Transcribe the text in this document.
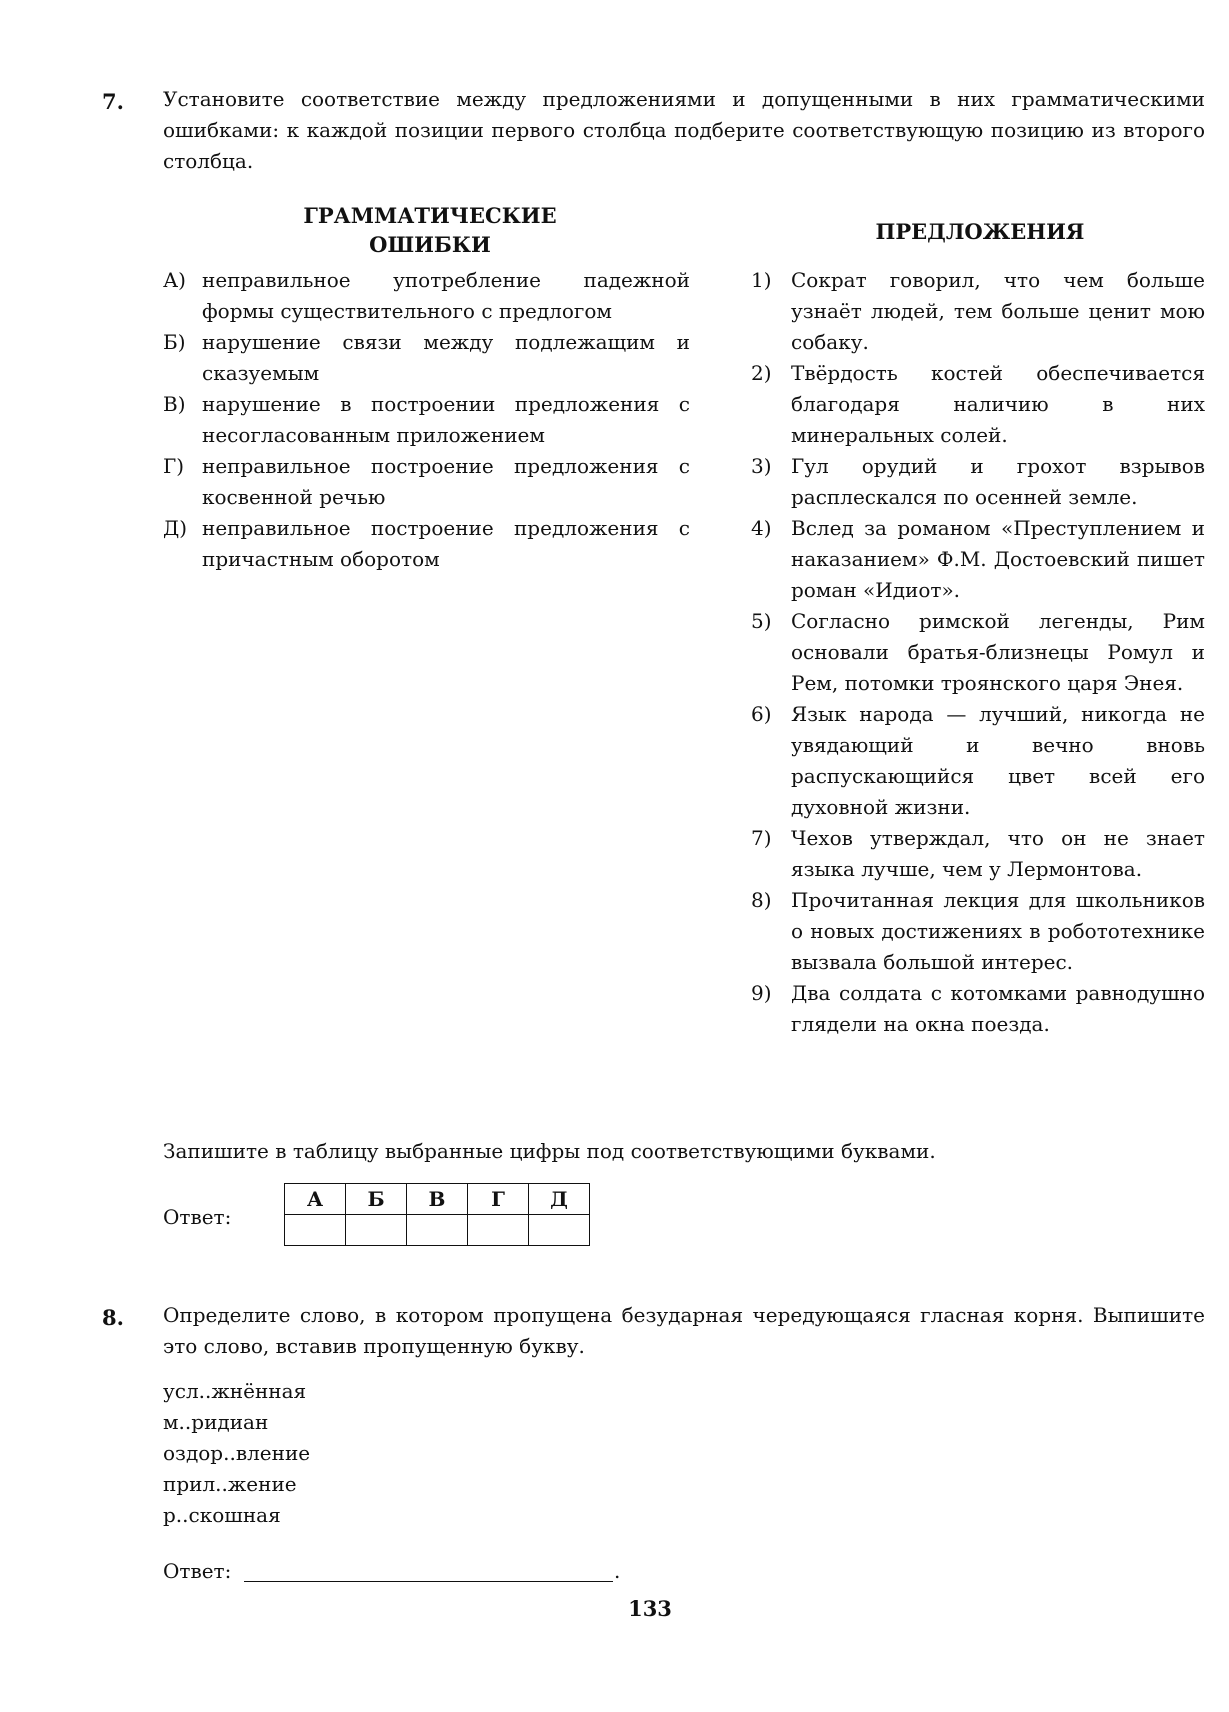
7. Установите соответствие между предложениями и допущенными в них грамматическими ошибками: к каждой позиции первого столбца подберите соответствующую позицию из второго столбца.
ГРАММАТИЧЕСКИЕ
ОШИБКИ
ПРЕДЛОЖЕНИЯ
А) неправильное употребление падежной формы существительного с предлогом
Б) нарушение связи между подлежащим и сказуемым
В) нарушение в построении предложения с несогласованным приложением
Г) неправильное построение предложения с косвенной речью
Д) неправильное построение предложения с причастным оборотом
1) Сократ говорил, что чем больше узнаёт людей, тем больше ценит мою собаку.
2) Твёрдость костей обеспечивается благодаря наличию в них минеральных солей.
3) Гул орудий и грохот взрывов расплескался по осенней земле.
4) Вслед за романом «Преступлением и наказанием» Ф.М. Достоевский пишет роман «Идиот».
5) Согласно римской легенды, Рим основали братья-близнецы Ромул и Рем, потомки троянского царя Энея.
6) Язык народа — лучший, никогда не увядающий и вечно вновь распускающийся цвет всей его духовной жизни.
7) Чехов утверждал, что он не знает языка лучше, чем у Лермонтова.
8) Прочитанная лекция для школьников о новых достижениях в робототехнике вызвала большой интерес.
9) Два солдата с котомками равнодушно глядели на окна поезда.
Запишите в таблицу выбранные цифры под соответствующими буквами.
Ответ:
А	Б	В	Г	Д

8. Определите слово, в котором пропущена безударная чередующаяся гласная корня. Выпишите это слово, вставив пропущенную букву.
усл..жнённая
м..ридиан
оздор..вление
прил..жение
р..скошная
Ответ:	.
133
